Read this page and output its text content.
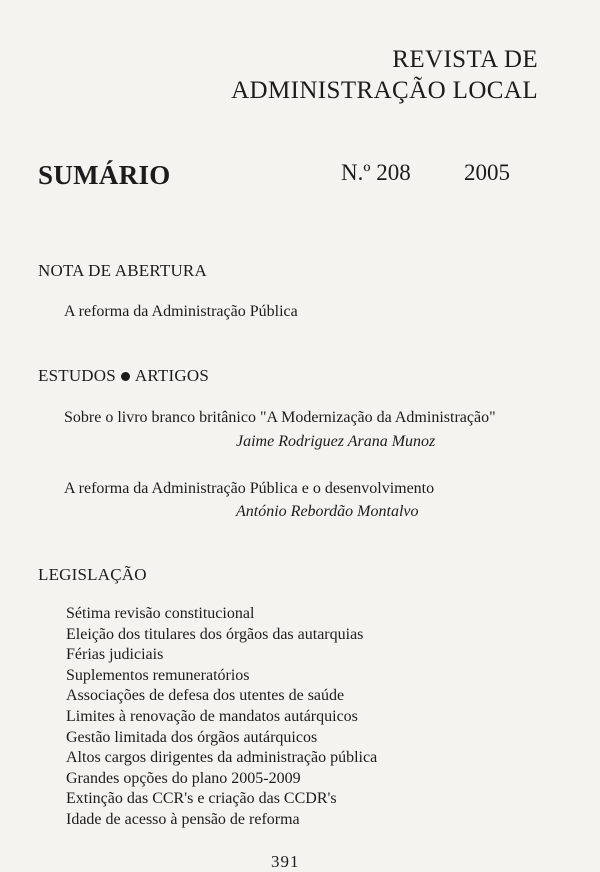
REVISTA DE
ADMINISTRAÇÃO LOCAL
SUMÁRIO	N.º 208 2005
NOTA DE ABERTURA
A reforma da Administração Pública
ESTUDOS ARTIGOS
Sobre o livro branco britânico "A Modernização da Administração"
Jaime Rodriguez Arana Munoz
A reforma da Administração Pública e o desenvolvimento
António Rebordão Montalvo
LEGISLAÇÃO
Sétima revisão constitucional
Eleição dos titulares dos órgãos das autarquias
Férias judiciais
Suplementos remuneratórios
Associações de defesa dos utentes de saúde
Limites à renovação de mandatos autárquicos
Gestão limitada dos órgãos autárquicos
Altos cargos dirigentes da administração pública
Grandes opções do plano 2005-2009
Extinção das CCR's e criação das CCDR's
Idade de acesso à pensão de reforma
391
